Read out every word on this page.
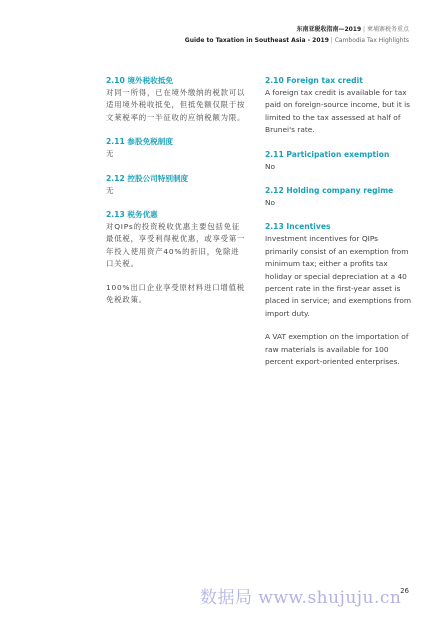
东南亚税收指南—2019 | 柬埔寨税务重点
Guide to Taxation in Southeast Asia - 2019 | Cambodia Tax Highlights
2.10 境外税收抵免
对同一所得，已在境外缴纳的税款可以适用境外税收抵免，但抵免额仅限于按文莱税率的一半征收的应纳税额为限。
2.11 参股免税制度
无
2.12 控股公司特别制度
无
2.13 税务优惠
对QIPs的投资税收优惠主要包括免征最低税，享受利得税优惠，或享受第一年投入使用资产40%的折旧，免除进口关税。
100%出口企业享受原材料进口增值税免税政策。
2.10 Foreign tax credit
A foreign tax credit is available for tax paid on foreign-source income, but it is limited to the tax assessed at half of Brunei's rate.
2.11 Participation exemption
No
2.12 Holding company regime
No
2.13 Incentives
Investment incentives for QIPs primarily consist of an exemption from minimum tax; either a profits tax holiday or special depreciation at a 40 percent rate in the first-year asset is placed in service; and exemptions from import duty.
A VAT exemption on the importation of raw materials is available for 100 percent export-oriented enterprises.
数据局 www.shujuju.cn
26
